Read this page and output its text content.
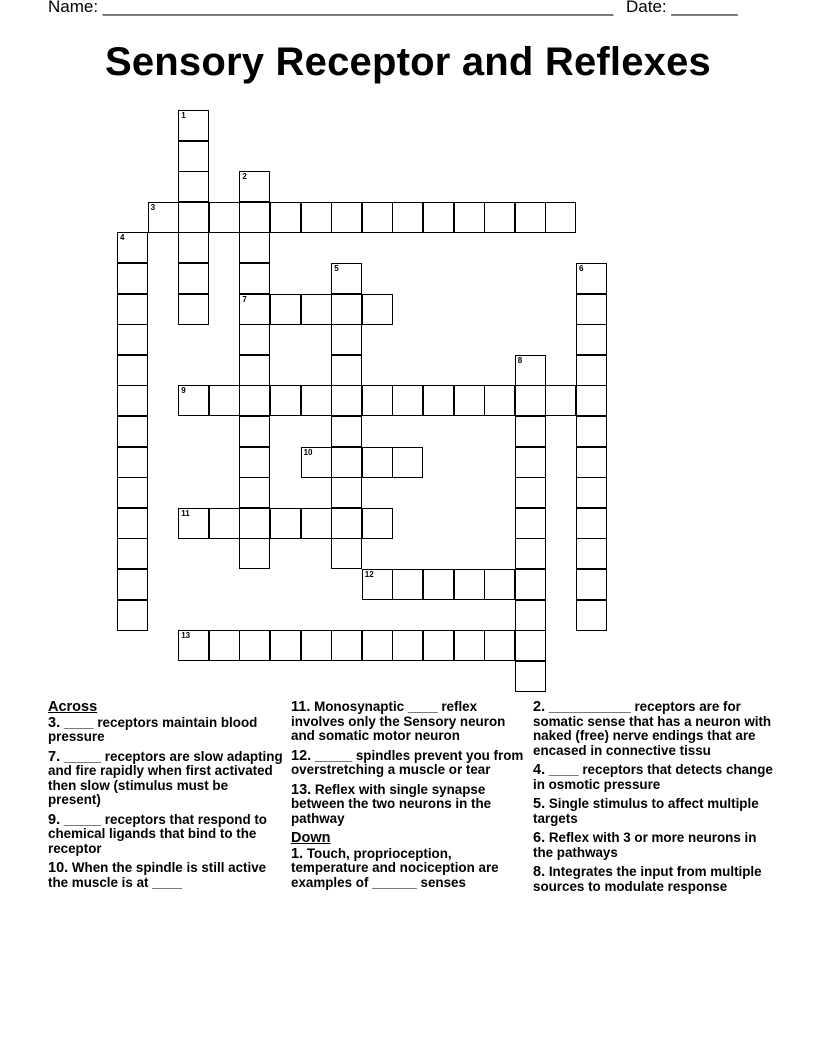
Name: ______________________________________________________ Date: _______
Sensory Receptor and Reflexes
1
2
7
3
4
5	6
8
9
10
11
12
13
Across
3. ____ receptors maintain blood pressure
7. _____ receptors are slow adapting and fire rapidly when first activated then slow (stimulus must be present)
9. _____ receptors that respond to chemical ligands that bind to the receptor
10. When the spindle is still active the muscle is at ____
11. Monosynaptic ____ reflex involves only the Sensory neuron and somatic motor neuron
12. _____ spindles prevent you from overstretching a muscle or tear
13. Reflex with single synapse between the two neurons in the pathway
Down
1. Touch, proprioception, temperature and nociception are examples of ______ senses
2. ___________ receptors are for somatic sense that has a neuron with naked (free) nerve endings that are encased in connective tissu
4. ____ receptors that detects change in osmotic pressure
5. Single stimulus to affect multiple targets
6. Reflex with 3 or more neurons in the pathways
8. Integrates the input from multiple sources to modulate response
